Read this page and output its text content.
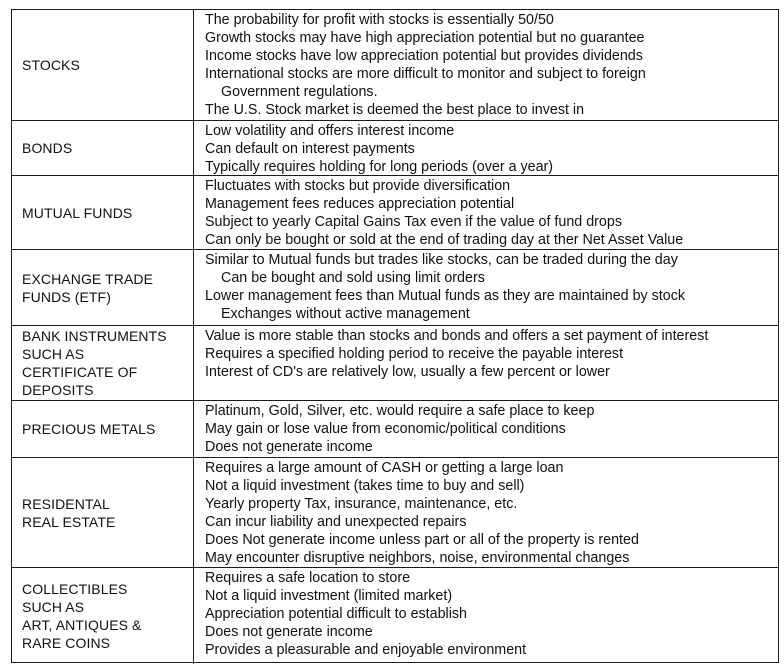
STOCKS
The probability for profit with stocks is essentially 50/50
Growth stocks may have high appreciation potential but no guarantee
Income stocks have low appreciation potential but provides dividends
International stocks are more difficult to monitor and subject to foreign
Government regulations.
The U.S. Stock market is deemed the best place to invest in
BONDS
Low volatility and offers interest income
Can default on interest payments
Typically requires holding for long periods (over a year)
MUTUAL FUNDS
Fluctuates with stocks but provide diversification
Management fees reduces appreciation potential
Subject to yearly Capital Gains Tax even if the value of fund drops
Can only be bought or sold at the end of trading day at ther Net Asset Value
EXCHANGE TRADE
FUNDS (ETF)
Similar to Mutual funds but trades like stocks, can be traded during the day
Can be bought and sold using limit orders
Lower management fees than Mutual funds as they are maintained by stock
Exchanges without active management
BANK INSTRUMENTS
SUCH AS
CERTIFICATE OF
DEPOSITS
Value is more stable than stocks and bonds and offers a set payment of interest
Requires a specified holding period to receive the payable interest
Interest of CD's are relatively low, usually a few percent or lower
PRECIOUS METALS
Platinum, Gold, Silver, etc. would require a safe place to keep
May gain or lose value from economic/political conditions
Does not generate income
RESIDENTAL
REAL ESTATE
Requires a large amount of CASH or getting a large loan
Not a liquid investment (takes time to buy and sell)
Yearly property Tax, insurance, maintenance, etc.
Can incur liability and unexpected repairs
Does Not generate income unless part or all of the property is rented
May encounter disruptive neighbors, noise, environmental changes
COLLECTIBLES
SUCH AS
ART, ANTIQUES &
RARE COINS
Requires a safe location to store
Not a liquid investment (limited market)
Appreciation potential difficult to establish
Does not generate income
Provides a pleasurable and enjoyable environment
